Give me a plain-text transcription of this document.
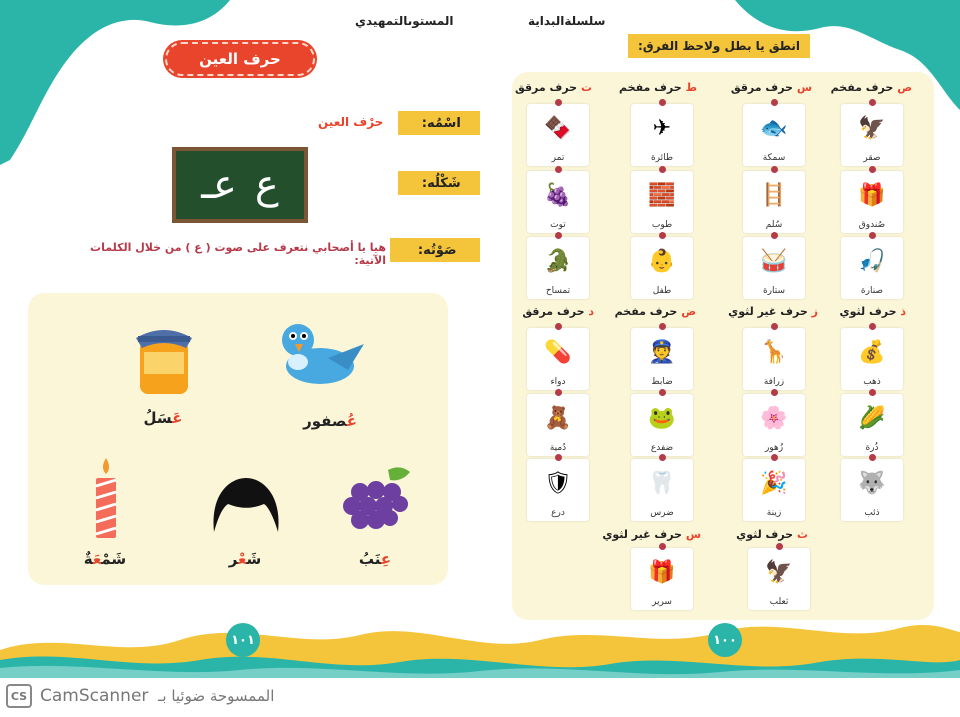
سلسلةالبداية
المستوىالتمهيدي
حرف العين
اسْمُه
:
حرْف العين
عـ ع	شَكْلُه
:
صَوْتُه
:
هيا يا أصحابي نتعرف على صوت ( ع ) من خلال الكلمات الآتية:
عُصفور
عَسَلُ
شَمْعَةٌ	شَعْر	عِنَبُ
١٠١
انطق يا بطل ولاحظ الفرق:
ص حرف مفخم
س حرف مرقق
ط حرف مفخم
ت حرف مرقق
ذ حرف لثوي
ز حرف غير لثوي
ض حرف مفخم
د حرف مرقق
ث حرف لثوي
س حرف غير لثوي
🦅
صقر
🎁
صُندوق
🎣
صنارة
🐟
سمكة
🪜
سُلم
🥁
ستارة
✈
طائرة
🧱
طوب
👶
طفل
🍫
تمر
🍇
توت
🐊
تمساح
💰
ذهب
🌽
ذُرة
🐺
ذئب
🦒
زرافة
🌸
زُهور
🎉
زينة
👮
ضابط
🐸
ضفدع
🦷
ضرس
💊
دواء
🧸
دُمية
🛡
درع
🦅
ثعلب
🎁
سرير
١٠٠
CS CamScanner الممسوحة ضوئيا بـ
